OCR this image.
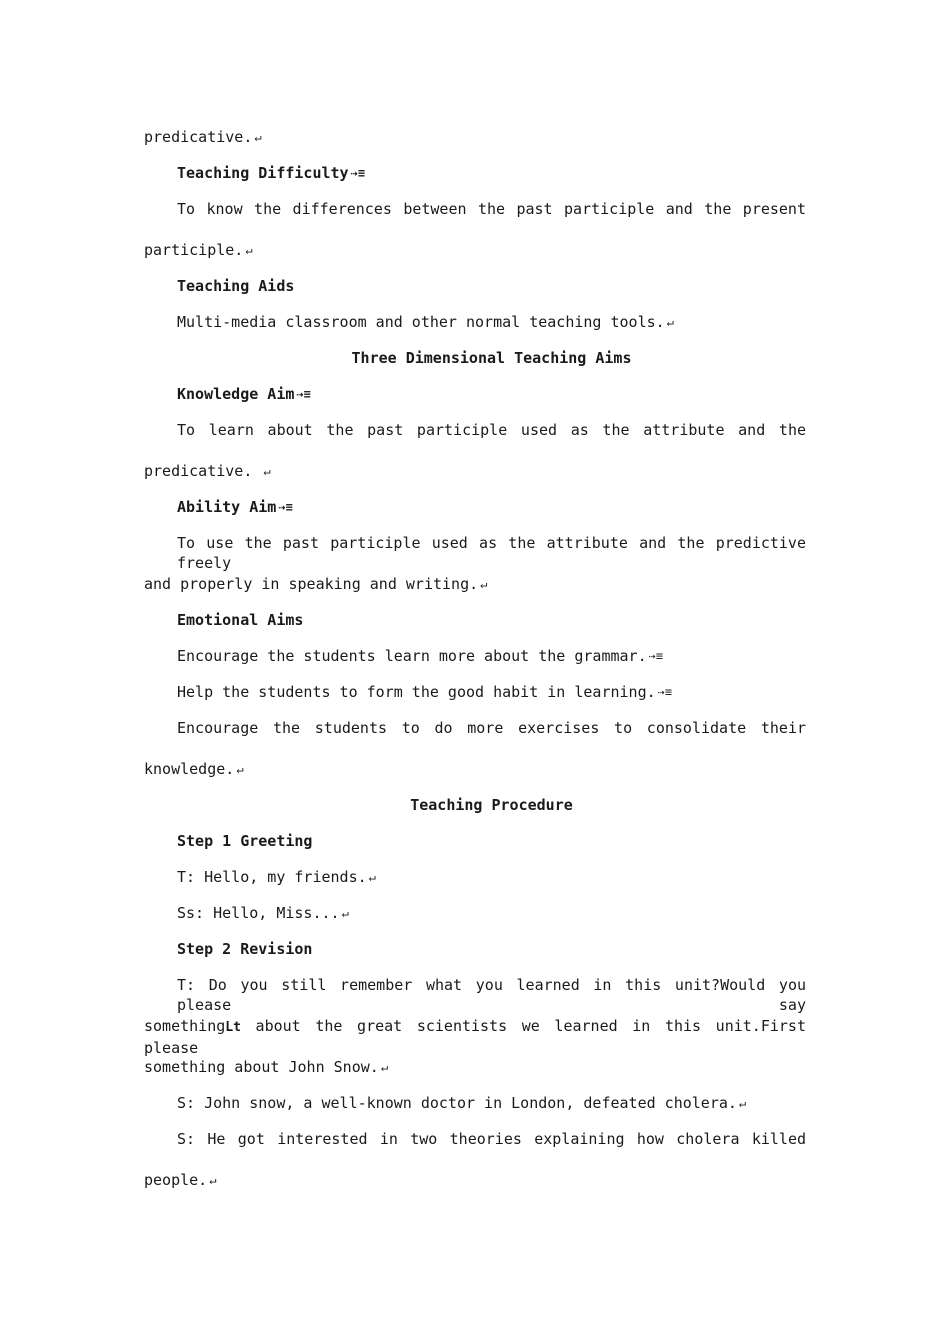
predicative. ↵
Teaching Difficulty ⇢≡
To know the differences between the past participle and the present
participle. ↵
Teaching Aids
Multi-media classroom and other normal teaching tools. ↵
Three Dimensional Teaching Aims
Knowledge Aim ⇢≡
To learn about the past participle used as the attribute and the
predicative. ↵
Ability Aim ⇢≡
To use the past participle used as the attribute and the predictive freely
and properly in speaking and writing. ↵
Emotional Aims
Encourage the students learn more about the grammar. ⇢≡
Help the students to form the good habit in learning. ⇢≡
Encourage the students to do more exercises to consolidate their
knowledge. ↵
Teaching Procedure
Step 1 Greeting
T: Hello, my friends. ↵
Ss: Hello, Miss... ↵
Step 2 Revision
T: Do you still remember what you learned in this unit?Would you please say
somethingLt about the great scientists we learned in this unit.First please
something about John Snow. ↵
S: John snow, a well-known doctor in London, defeated cholera. ↵
S: He got interested in two theories explaining how cholera killed
people. ↵
